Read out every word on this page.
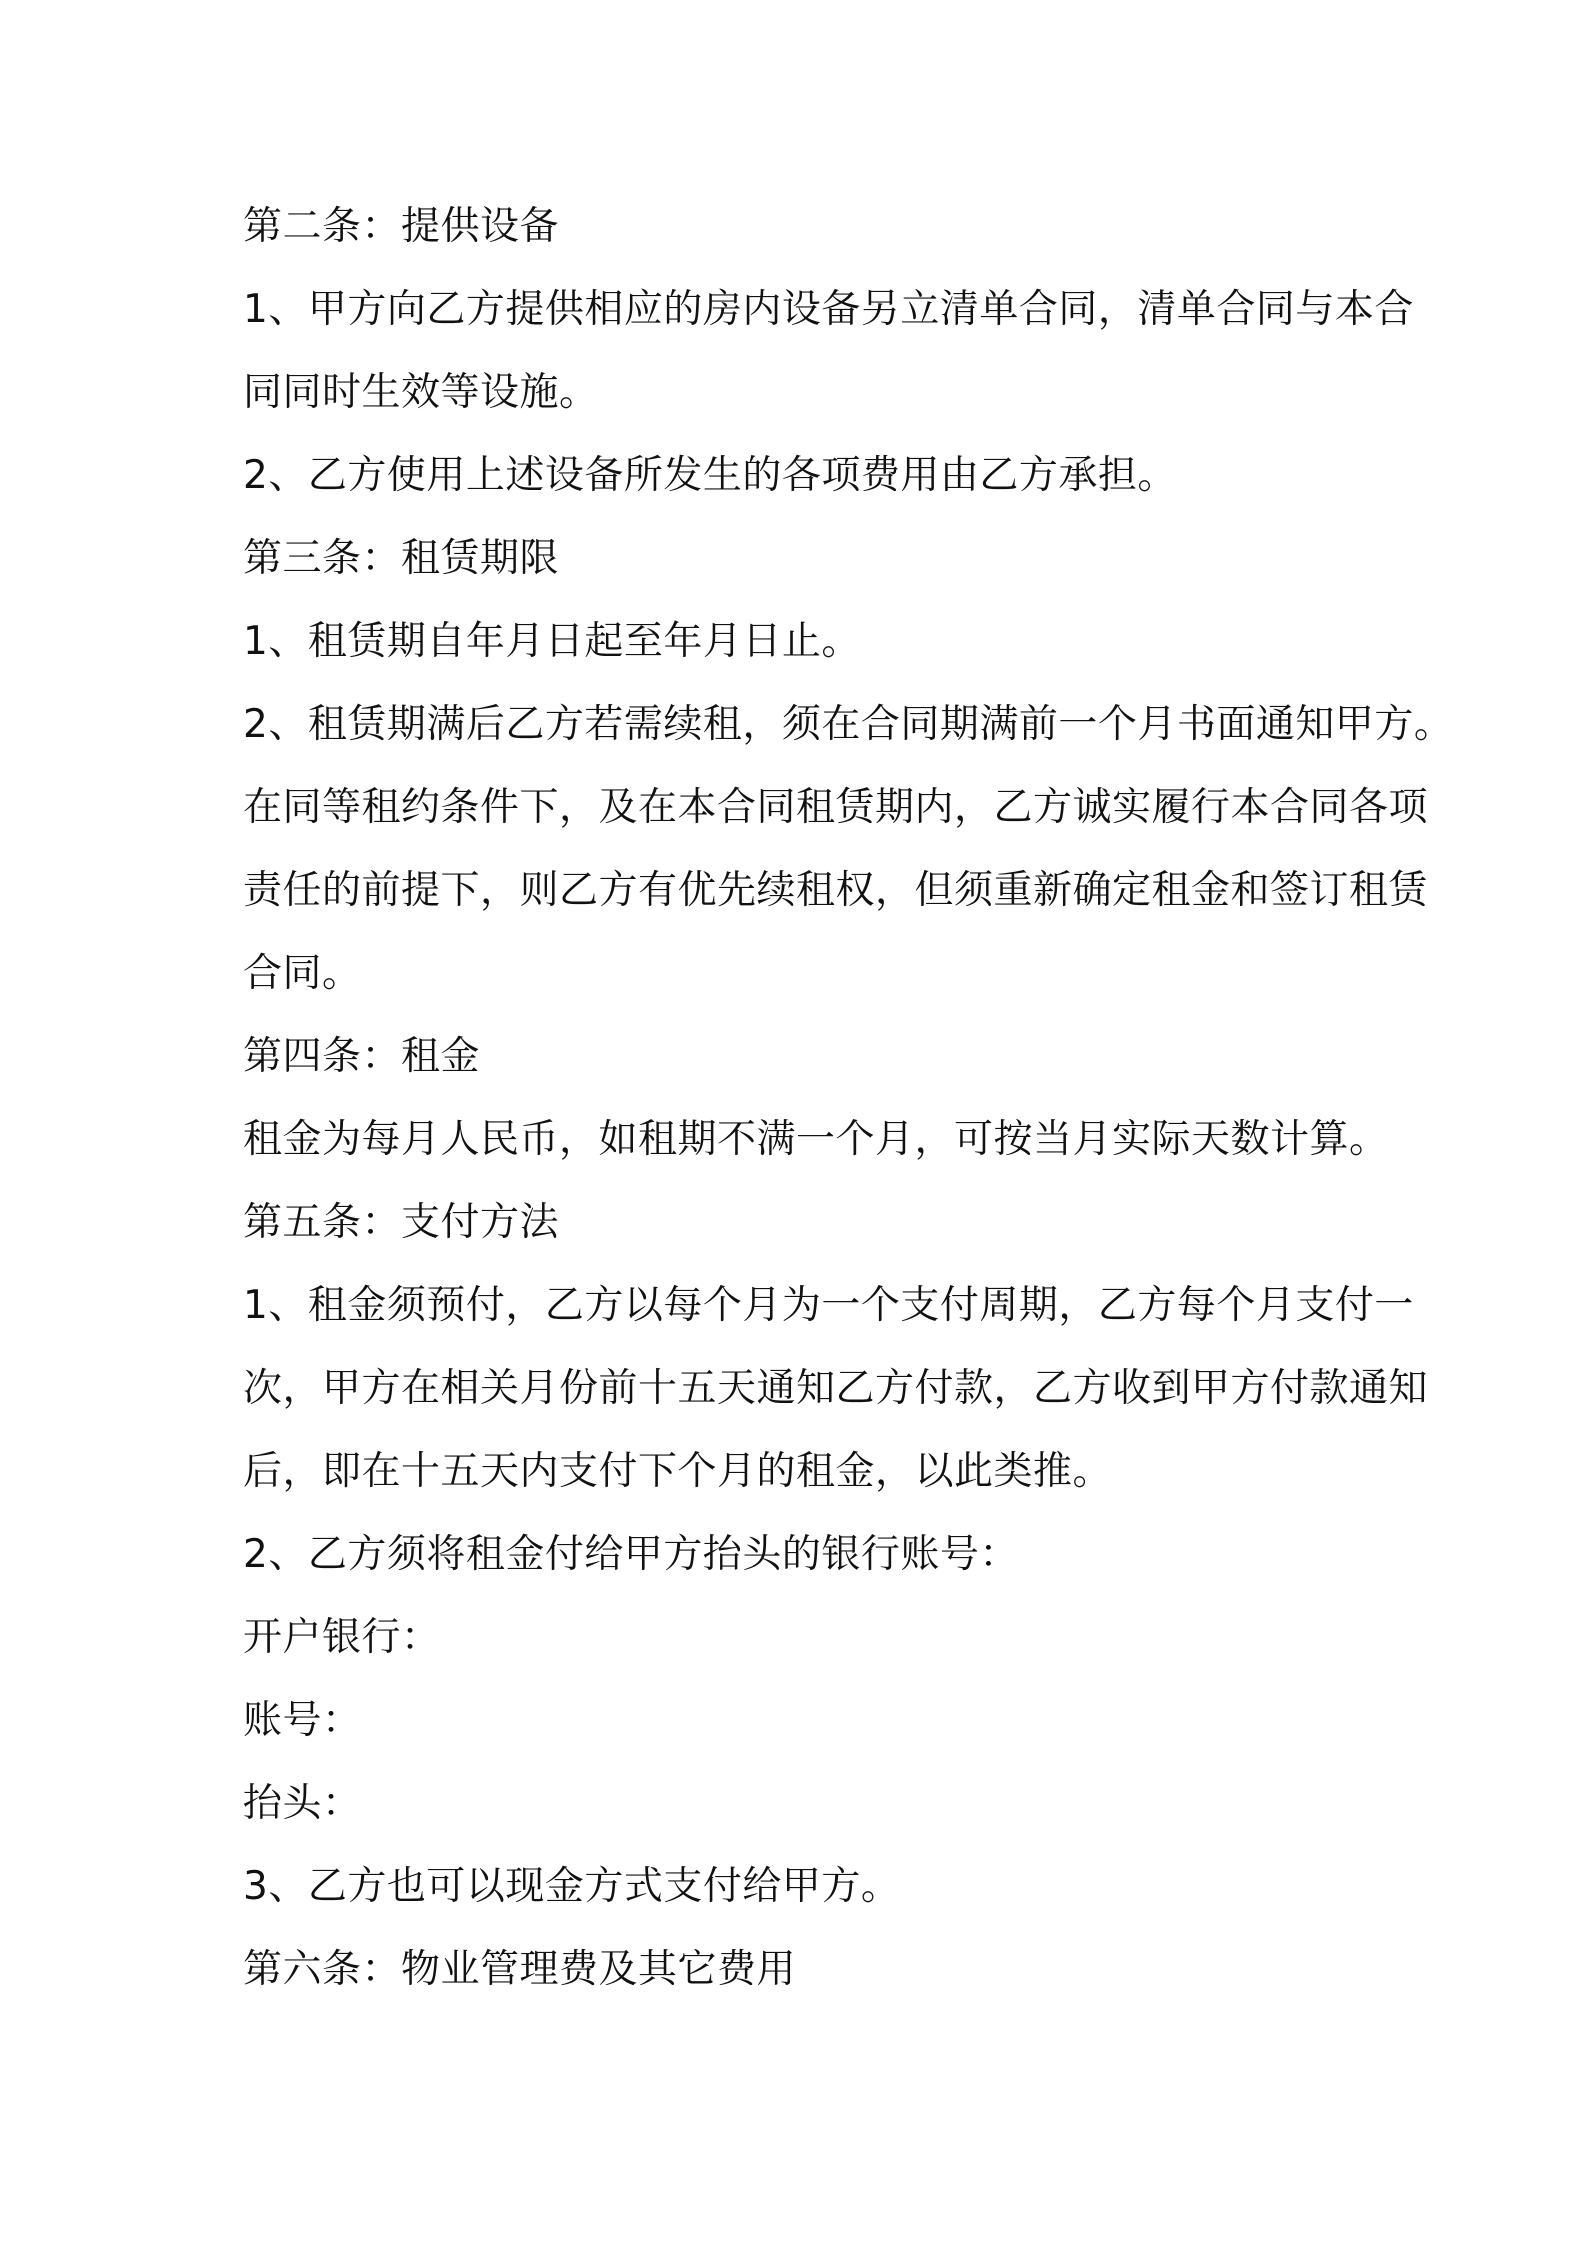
第二条：提供设备
1、甲方向乙方提供相应的房内设备另立清单合同，清单合同与本合
同同时生效等设施。
2、乙方使用上述设备所发生的各项费用由乙方承担。
第三条：租赁期限
1、租赁期自年月日起至年月日止。
2、租赁期满后乙方若需续租，须在合同期满前一个月书面通知甲方。
在同等租约条件下，及在本合同租赁期内，乙方诚实履行本合同各项
责任的前提下，则乙方有优先续租权，但须重新确定租金和签订租赁
合同。
第四条：租金
租金为每月人民币，如租期不满一个月，可按当月实际天数计算。
第五条：支付方法
1、租金须预付，乙方以每个月为一个支付周期，乙方每个月支付一
次，甲方在相关月份前十五天通知乙方付款，乙方收到甲方付款通知
后，即在十五天内支付下个月的租金，以此类推。
2、乙方须将租金付给甲方抬头的银行账号：
开户银行：
账号：
抬头：
3、乙方也可以现金方式支付给甲方。
第六条：物业管理费及其它费用
